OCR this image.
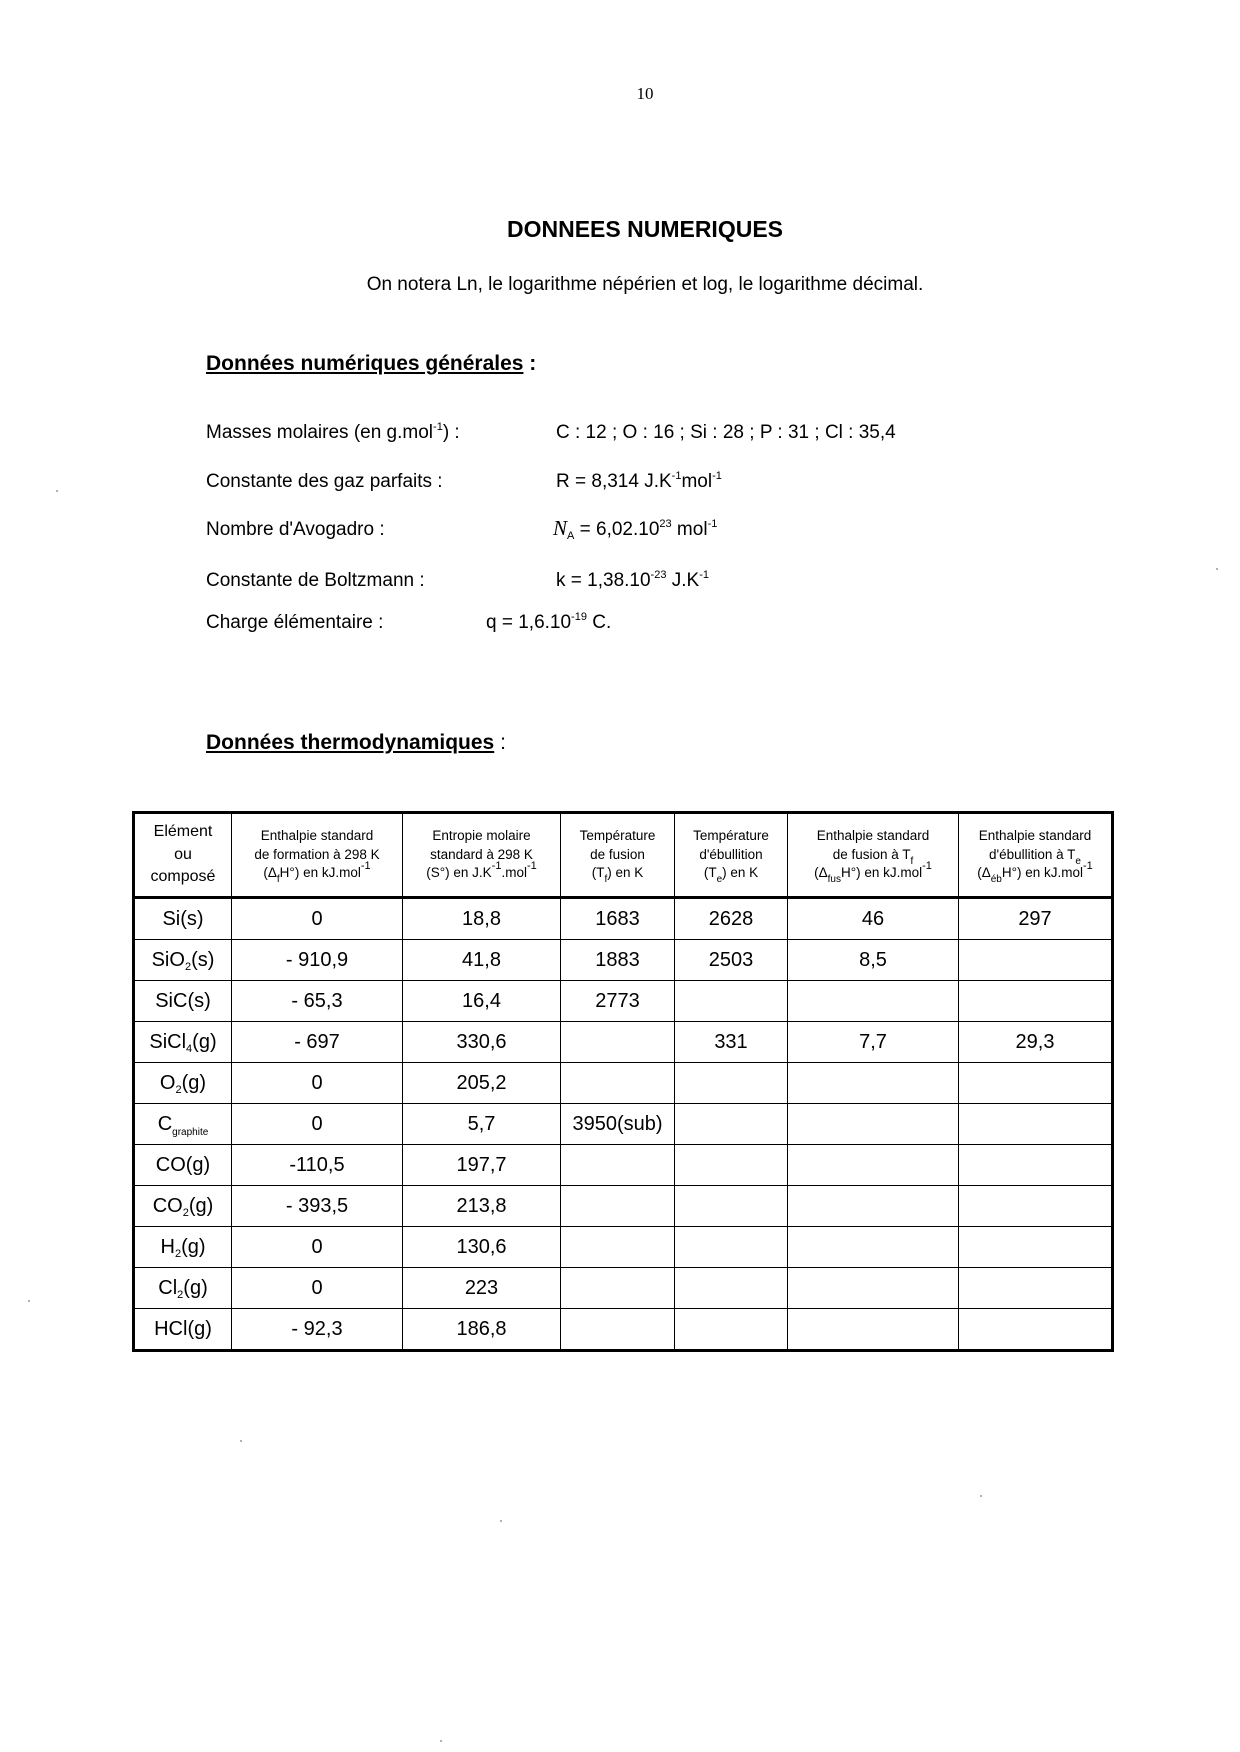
10
DONNEES NUMERIQUES
On notera Ln, le logarithme népérien et log, le logarithme décimal.
Données numériques générales :
Masses molaires (en g.mol$^{-1}$) :	C : 12 ; O : 16 ; Si : 28 ; P : 31 ; Cl : 35,4
Constante des gaz parfaits :	R = 8,314 $J.K^{-1}mol^{-1}$
Nombre d'Avogadro :	$N_A = 6,02.10^{23}$ mol$^{-1}$
Constante de Boltzmann :	$k = 1,38.10^{-23}$ $J.K^{-1}$
Charge élémentaire :	$q = 1,6.10^{-19}$ C.
Données thermodynamiques :
Elément
ou
composé	Enthalpie standard
de formation à 298 K
$(\Delta_fH^\circ)$ en kJ.mol$^{-1}$	Entropie molaire
standard à 298 K
(S°) en $J.K^{-1}.mol^{-1}$	Température
de fusion
$(T_f)$ en K	Température
d'ébullition
$(T_e)$ en K	Enthalpie standard
de fusion à $T_f$
$(\Delta_{fus}H^\circ)$ en kJ.mol$^{-1}$	Enthalpie standard
d'ébullition à $T_e$
$(\Delta_{éb}H^\circ)$ en kJ.mol$^{-1}$
Si(s)	0	18,8	1683	2628	46	297
SiO$_2$(s)	- 910,9	41,8	1883	2503	8,5	
SiC(s)	- 65,3	16,4	2773			
SiCl$_4$(g)	- 697	330,6		331	7,7	29,3
$O_2(g)$	0	205,2				
$C_{graphite}$	0	5,7	3950(sub)			
CO(g)	-110,5	197,7				
$CO_2(g)$	- 393,5	213,8				
$H_2(g)$	0	130,6				
$Cl_2(g)$	0	223				
HCl(g)	- 92,3	186,8				
